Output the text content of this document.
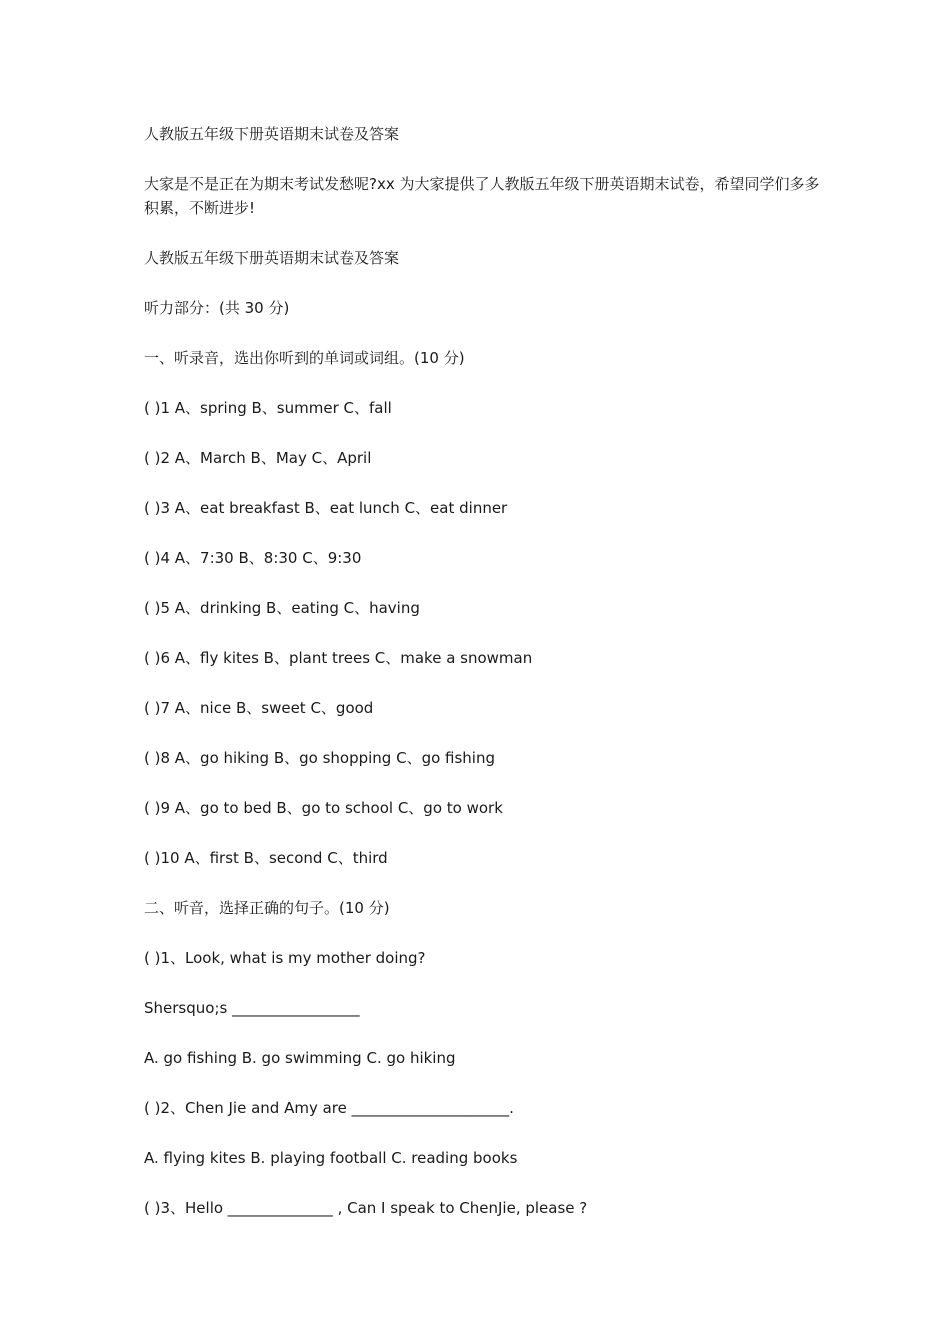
人教版五年级下册英语期末试卷及答案

大家是不是正在为期末考试发愁呢?xx 为大家提供了人教版五年级下册英语期末试卷，希望同学们多多积累，不断进步!

人教版五年级下册英语期末试卷及答案

听力部分：(共 30 分)

一、听录音，选出你听到的单词或词组。(10 分)

( )1 A、spring B、summer C、fall

( )2 A、March B、May C、April

( )3 A、eat breakfast B、eat lunch C、eat dinner

( )4 A、7:30 B、8:30 C、9:30

( )5 A、drinking B、eating C、having

( )6 A、fly kites B、plant trees C、make a snowman

( )7 A、nice B、sweet C、good

( )8 A、go hiking B、go shopping C、go fishing

( )9 A、go to bed B、go to school C、go to work

( )10 A、first B、second C、third

二、听音，选择正确的句子。(10 分)

( )1、Look, what is my mother doing?

Shersquo;s _________________

A. go fishing B. go swimming C. go hiking

( )2、Chen Jie and Amy are _____________________.

A. flying kites B. playing football C. reading books

( )3、Hello ______________ , Can I speak to ChenJie, please ?
